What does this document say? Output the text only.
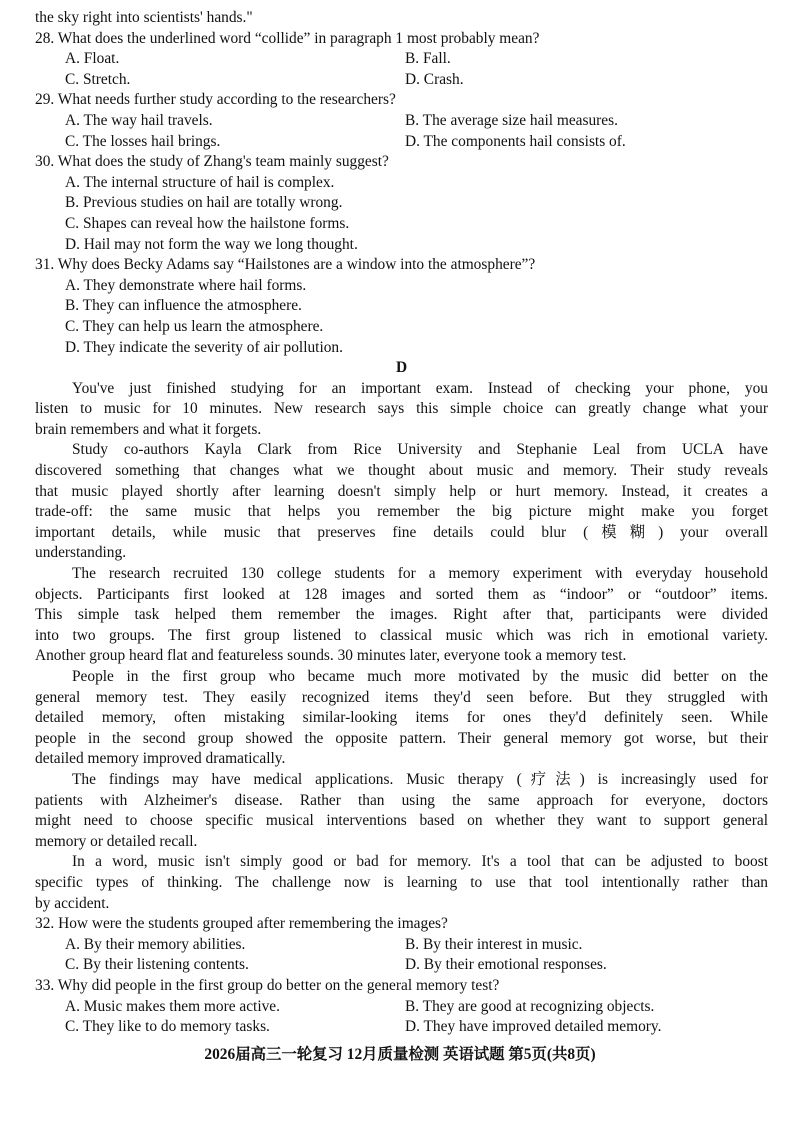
the sky right into scientists' hands."
28. What does the underlined word “collide” in paragraph 1 most probably mean?
A. Float.	B. Fall.
C. Stretch.	D. Crash.
29. What needs further study according to the researchers?
A. The way hail travels.	B. The average size hail measures.
C. The losses hail brings.	D. The components hail consists of.
30. What does the study of Zhang's team mainly suggest?
A. The internal structure of hail is complex.
B. Previous studies on hail are totally wrong.
C. Shapes can reveal how the hailstone forms.
D. Hail may not form the way we long thought.
31. Why does Becky Adams say “Hailstones are a window into the atmosphere”?
A. They demonstrate where hail forms.
B. They can influence the atmosphere.
C. They can help us learn the atmosphere.
D. They indicate the severity of air pollution.
D
You've just finished studying for an important exam. Instead of checking your phone, you
listen to music for 10 minutes. New research says this simple choice can greatly change what your
brain remembers and what it forgets.
Study co-authors Kayla Clark from Rice University and Stephanie Leal from UCLA have
discovered something that changes what we thought about music and memory. Their study reveals
that music played shortly after learning doesn't simply help or hurt memory. Instead, it creates a
trade-off: the same music that helps you remember the big picture might make you forget
important details, while music that preserves fine details could blur (模糊) your overall
understanding.
The research recruited 130 college students for a memory experiment with everyday household
objects. Participants first looked at 128 images and sorted them as “indoor” or “outdoor” items.
This simple task helped them remember the images. Right after that, participants were divided
into two groups. The first group listened to classical music which was rich in emotional variety.
Another group heard flat and featureless sounds. 30 minutes later, everyone took a memory test.
People in the first group who became much more motivated by the music did better on the
general memory test. They easily recognized items they'd seen before. But they struggled with
detailed memory, often mistaking similar-looking items for ones they'd definitely seen. While
people in the second group showed the opposite pattern. Their general memory got worse, but their
detailed memory improved dramatically.
The findings may have medical applications. Music therapy (疗法) is increasingly used for
patients with Alzheimer's disease. Rather than using the same approach for everyone, doctors
might need to choose specific musical interventions based on whether they want to support general
memory or detailed recall.
In a word, music isn't simply good or bad for memory. It's a tool that can be adjusted to boost
specific types of thinking. The challenge now is learning to use that tool intentionally rather than
by accident.
32. How were the students grouped after remembering the images?
A. By their memory abilities.	B. By their interest in music.
C. By their listening contents.	D. By their emotional responses.
33. Why did people in the first group do better on the general memory test?
A. Music makes them more active.	B. They are good at recognizing objects.
C. They like to do memory tasks.	D. They have improved detailed memory.
2026届高三一轮复习 12月质量检测 英语试题 第5页(共8页)
